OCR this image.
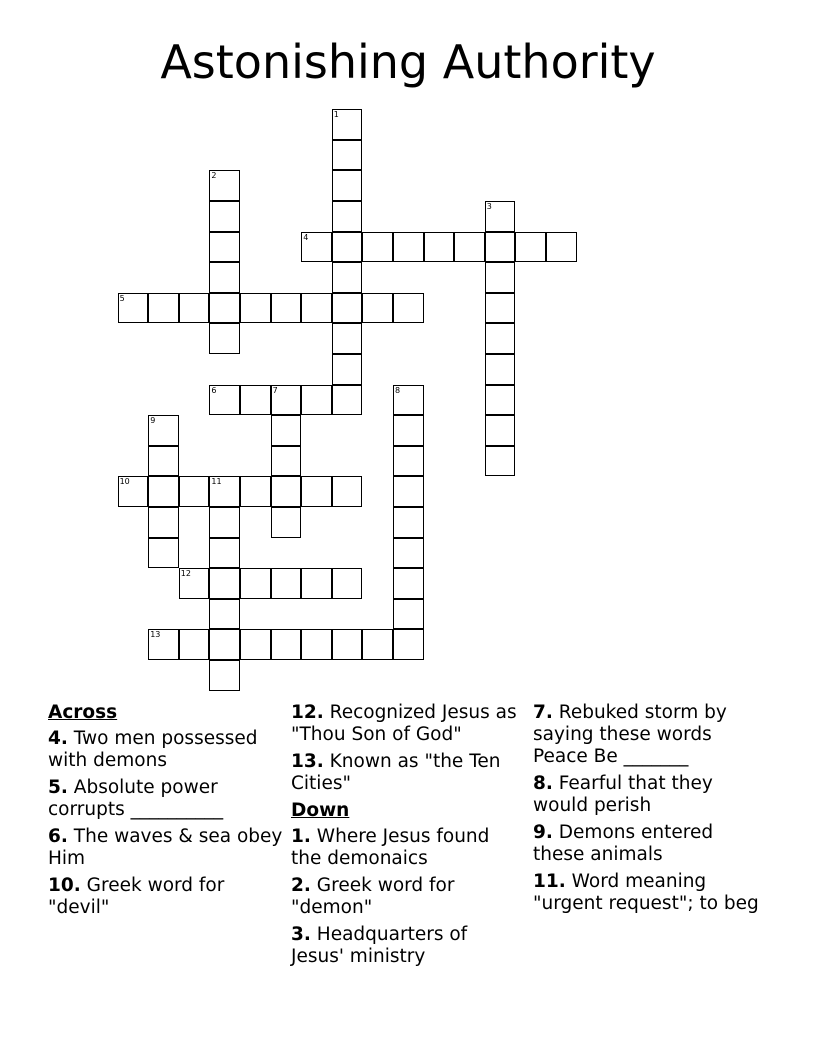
Astonishing Authority
4
5
6	7
10	11
12
13
1
2
3
8
9
Across
4. Two men possessed with demons
5. Absolute power corrupts __________
6. The waves & sea obey Him
10. Greek word for "devil"
12. Recognized Jesus as "Thou Son of God"
13. Known as "the Ten Cities"
Down
1. Where Jesus found the demonaics
2. Greek word for "demon"
3. Headquarters of Jesus' ministry
7. Rebuked storm by saying these words Peace Be _______
8. Fearful that they would perish
9. Demons entered these animals
11. Word meaning "urgent request"; to beg
